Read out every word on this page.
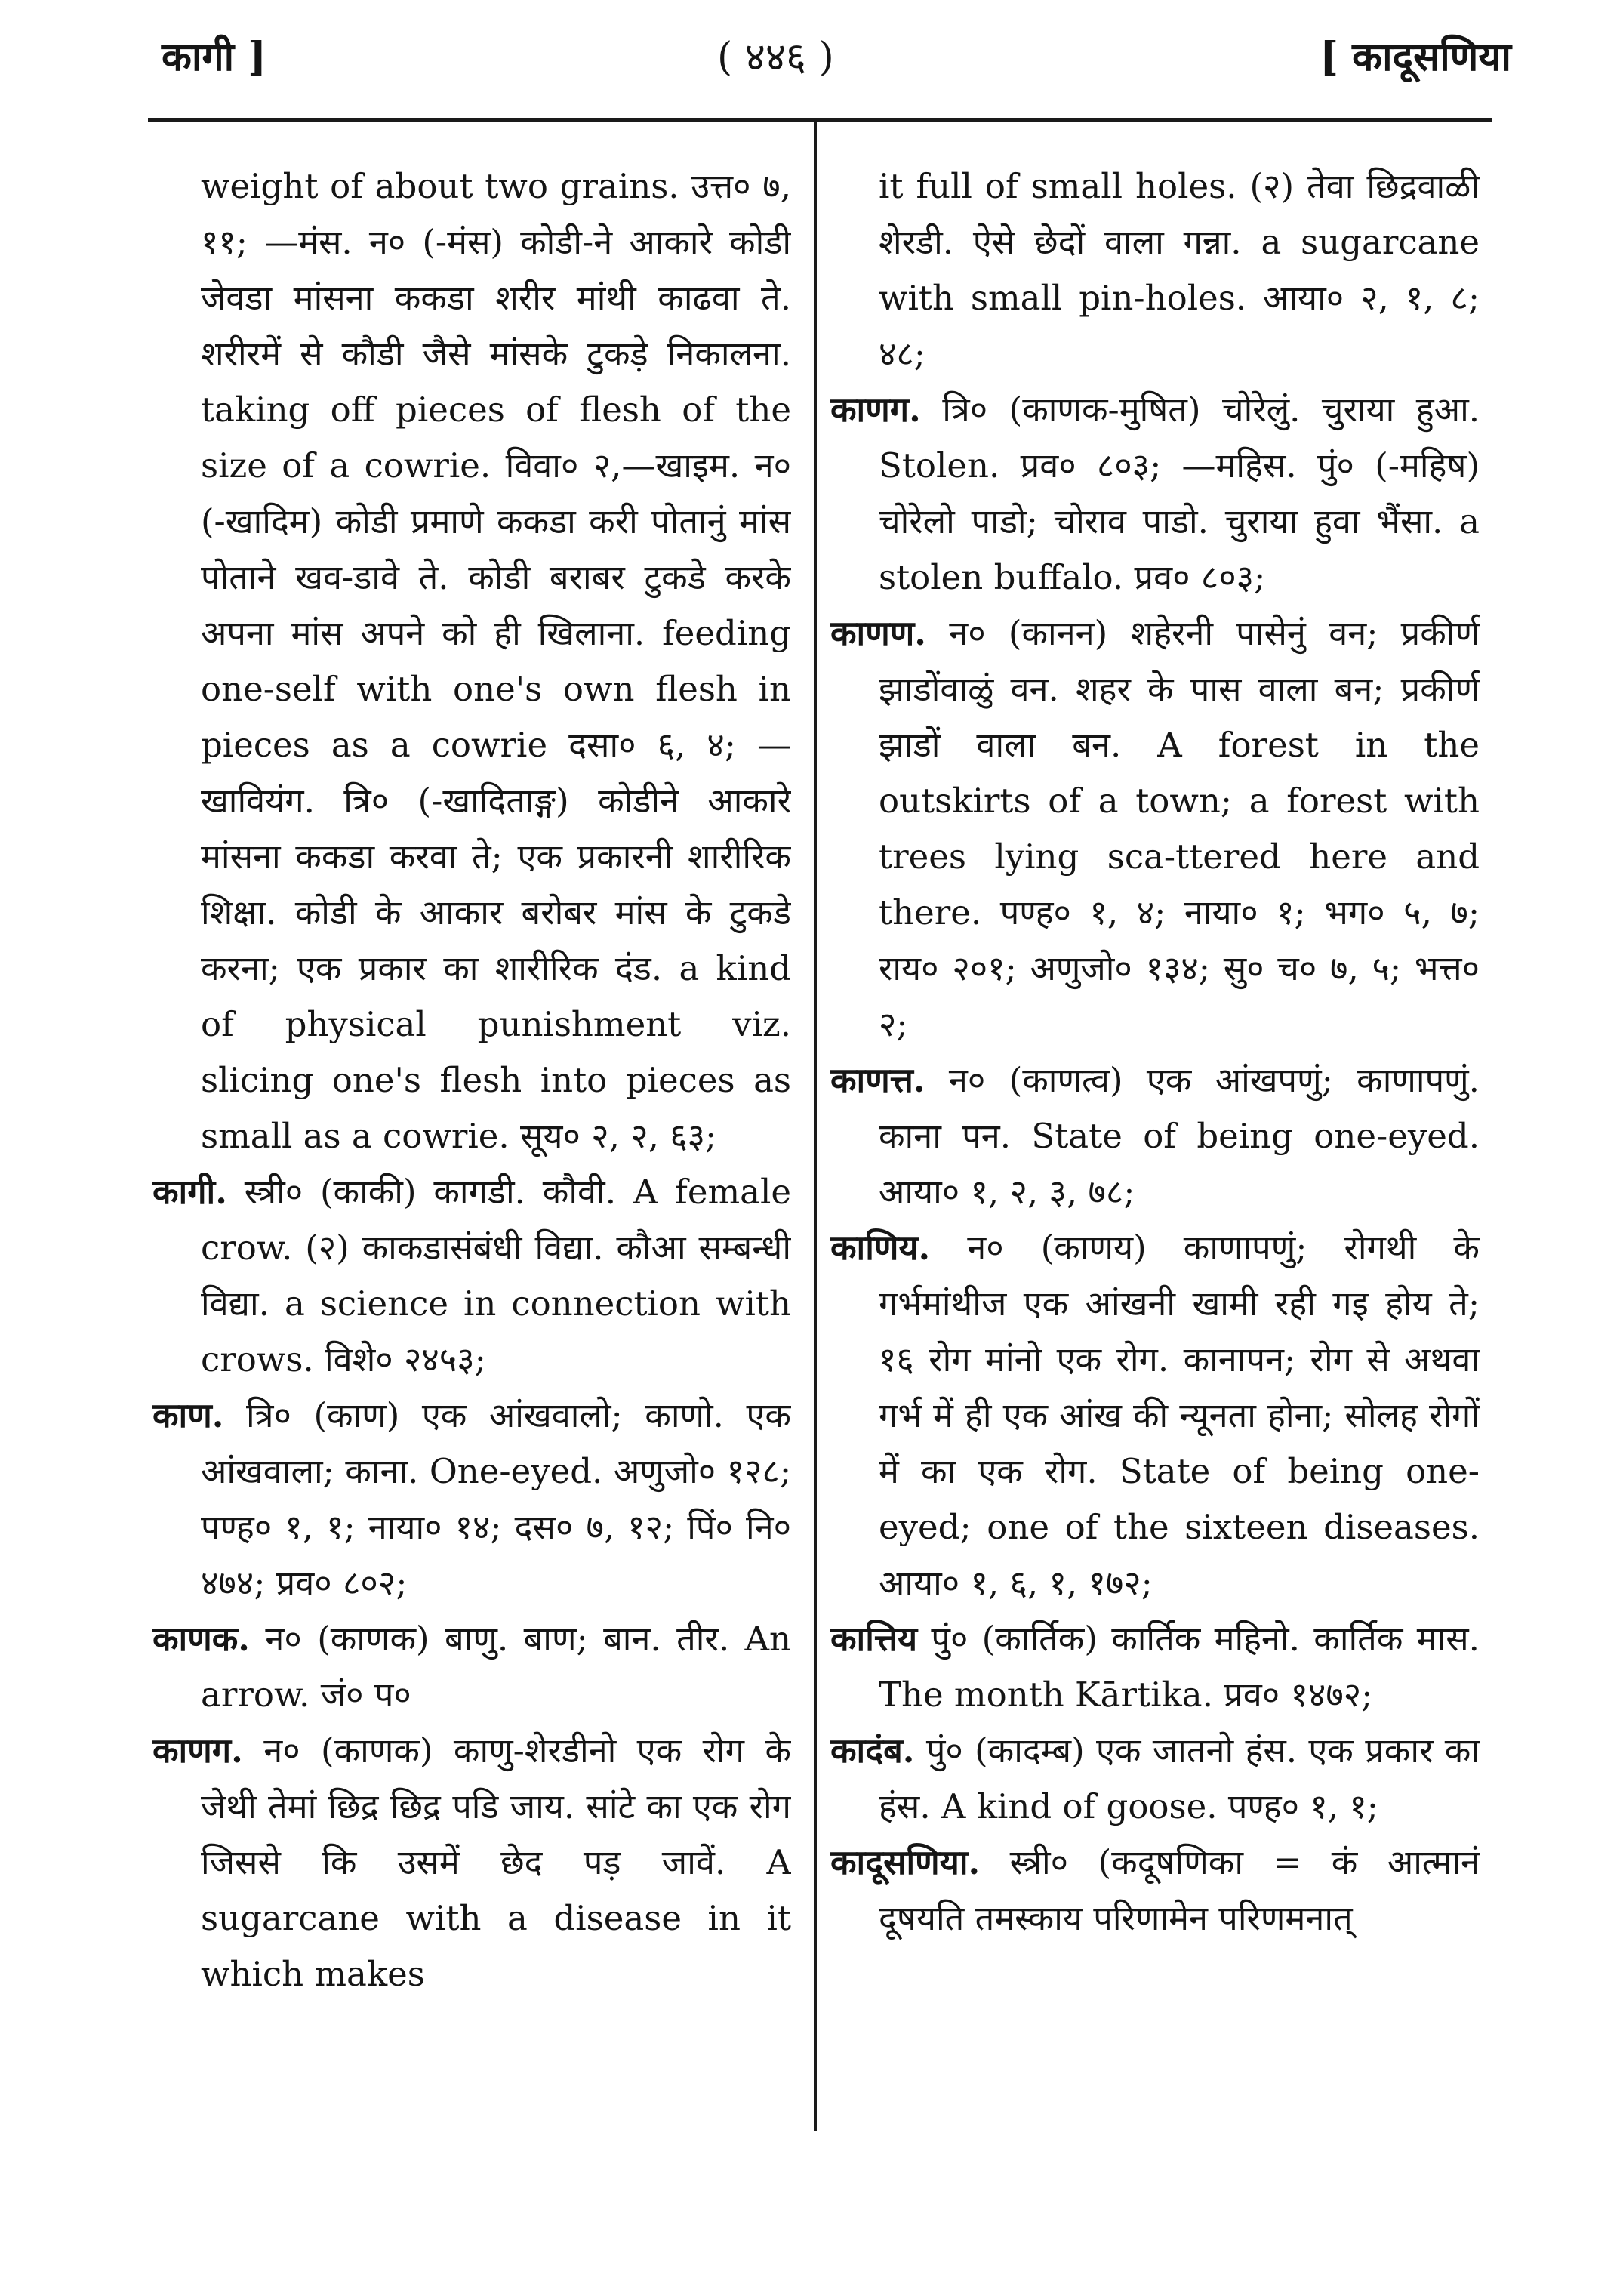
कागी ]	( ४४६ )	[ कादूसणिया

weight of about two grains. उत्त० ७, ११; —मंस. न० (-मंस) कोडी-ने आकारे कोडी जेवडा मांसना ककडा शरीर मांथी काढवा ते. शरीरमें से कौडी जैसे मांसके टुकड़े निकालना. taking off pieces of flesh of the size of a cowrie. विवा० २,—खाइम. न० (-खादिम) कोडी प्रमाणे ककडा करी पोतानुं मांस पोताने खव-डावे ते. कोडी बराबर टुकडे करके अपना मांस अपने को ही खिलाना. feeding one-self with one's own flesh in pieces as a cowrie दसा० ६, ४; —खावियंग. त्रि० (-खादिताङ्ग) कोडीने आकारे मांसना ककडा करवा ते; एक प्रकारनी शारीरिक शिक्षा. कोडी के आकार बरोबर मांस के टुकडे करना; एक प्रकार का शारीरिक दंड. a kind of physical punishment viz. slicing one's flesh into pieces as small as a cowrie. सूय० २, २, ६३;

कागी. स्त्री० (काकी) कागडी. कौवी. A female crow. (२) काकडासंबंधी विद्या. कौआ सम्बन्धी विद्या. a science in connection with crows. विशे० २४५३;

काण. त्रि० (काण) एक आंखवालो; काणो. एक आंखवाला; काना. One-eyed. अणुजो० १२८; पण्ह० १, १; नाया० १४; दस० ७, १२; पिं० नि० ४७४; प्रव० ८०२;

काणक. न० (काणक) बाणु. बाण; बान. तीर. An arrow. जं० प०

काणग. न० (काणक) काणु-शेरडीनो एक रोग के जेथी तेमां छिद्र छिद्र पडि जाय. सांटे का एक रोग जिससे कि उसमें छेद पड़ जावें. A sugarcane with a disease in it which makes

it full of small holes. (२) तेवा छिद्रवाळी शेरडी. ऐसे छेदों वाला गन्ना. a sugarcane with small pin-holes. आया० २, १, ८; ४८;

काणग. त्रि० (काणक-मुषित) चोरेलुं. चुराया हुआ. Stolen. प्रव० ८०३; —महिस. पुं० (-महिष) चोरेलो पाडो; चोराव पाडो. चुराया हुवा भैंसा. a stolen buffalo. प्रव० ८०३;

काणण. न० (कानन) शहेरनी पासेनुं वन; प्रकीर्ण झाडोंवाळुं वन. शहर के पास वाला बन; प्रकीर्ण झाडों वाला बन. A forest in the outskirts of a town; a forest with trees lying sca-ttered here and there. पण्ह० १, ४; नाया० १; भग० ५, ७; राय० २०१; अणुजो० १३४; सु० च० ७, ५; भत्त० २;

काणत्त. न० (काणत्व) एक आंखपणुं; काणापणुं. काना पन. State of being one-eyed. आया० १, २, ३, ७८;

काणिय. न० (काणय) काणापणुं; रोगथी के गर्भमांथीज एक आंखनी खामी रही गइ होय ते; १६ रोग मांनो एक रोग. कानापन; रोग से अथवा गर्भ में ही एक आंख की न्यूनता होना; सोलह रोगों में का एक रोग. State of being one-eyed; one of the sixteen diseases. आया० १, ६, १, १७२;

कात्तिय पुं० (कार्तिक) कार्तिक महिनो. कार्तिक मास. The month Kārtika. प्रव० १४७२;

कादंब. पुं० (कादम्ब) एक जातनो हंस. एक प्रकार का हंस. A kind of goose. पण्ह० १, १;

कादूसणिया. स्त्री० (कदूषणिका = कं आत्मानं दूषयति तमस्काय परिणामेन परिणमनात्
